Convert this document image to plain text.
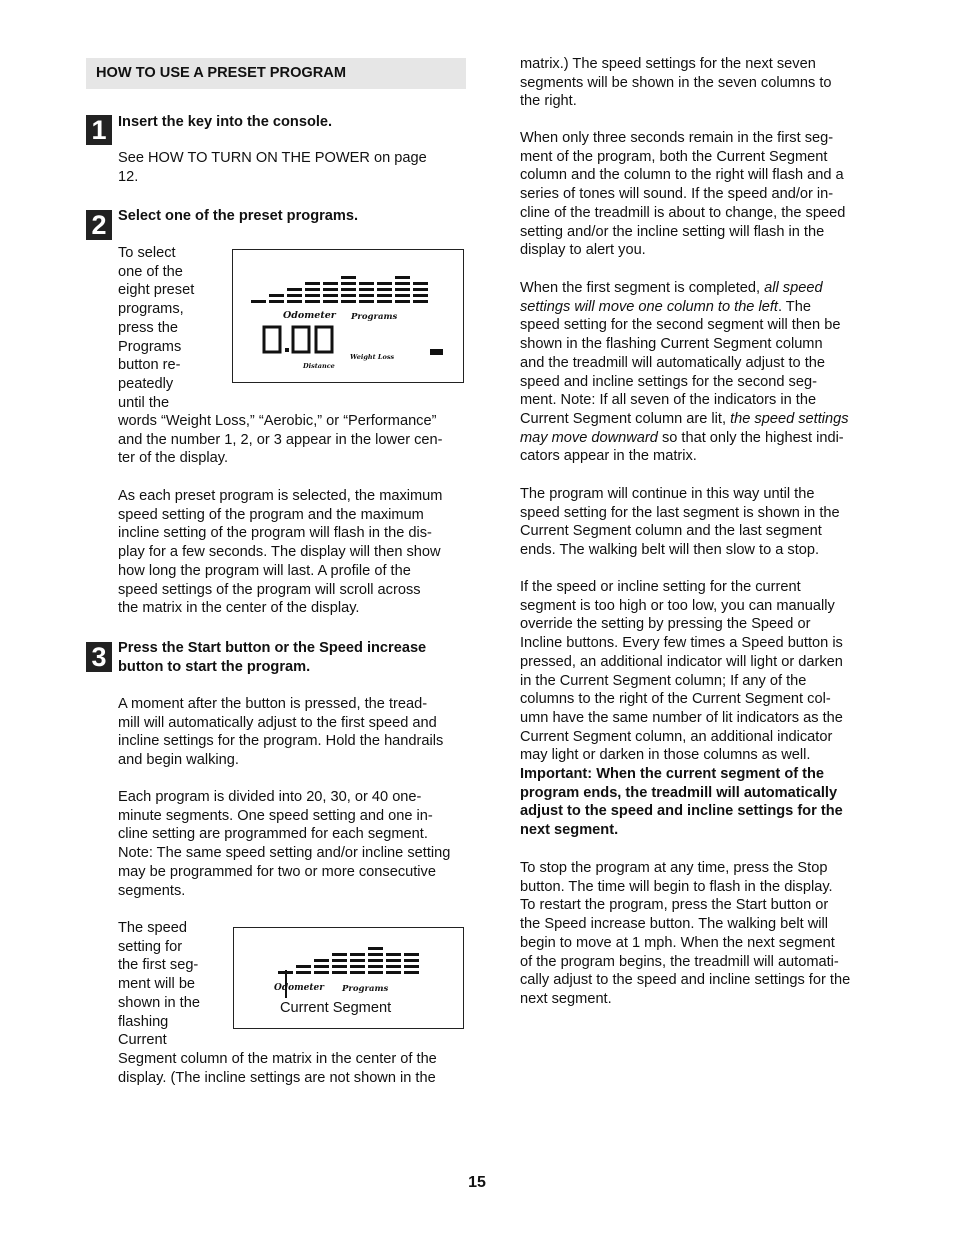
HOW TO USE A PRESET PROGRAM
1 Insert the key into the console.

See HOW TO TURN ON THE POWER on page

12.

2 Select one of the preset programs.

To select

one of the

eight preset

programs,

press the

Programs

button re-

peatedly

until the

Odometer Programs
Distance
Weight Loss

words “Weight Loss,” “Aerobic,” or “Performance”

and the number 1, 2, or 3 appear in the lower cen-

ter of the display.

As each preset program is selected, the maximum

speed setting of the program and the maximum

incline setting of the program will flash in the dis-

play for a few seconds. The display will then show

how long the program will last. A profile of the

speed settings of the program will scroll across

the matrix in the center of the display.

3 Press the Start button or the Speed increase

button to start the program.

A moment after the button is pressed, the tread-

mill will automatically adjust to the first speed and

incline settings for the program. Hold the handrails

and begin walking.

Each program is divided into 20, 30, or 40 one-

minute segments. One speed setting and one in-

cline setting are programmed for each segment.

Note: The same speed setting and/or incline setting

may be programmed for two or more consecutive

segments.

The speed

setting for

the first seg-

ment will be

shown in the

flashing

Current

Odometer Programs
Current Segment

Segment column of the matrix in the center of the

display. (The incline settings are not shown in the

matrix.) The speed settings for the next seven

segments will be shown in the seven columns to

the right.

When only three seconds remain in the first seg-

ment of the program, both the Current Segment

column and the column to the right will flash and a

series of tones will sound. If the speed and/or in-

cline of the treadmill is about to change, the speed

setting and/or the incline setting will flash in the

display to alert you.

When the first segment is completed, all speed

settings will move one column to the left. The

speed setting for the second segment will then be

shown in the flashing Current Segment column

and the treadmill will automatically adjust to the

speed and incline settings for the second seg-

ment. Note: If all seven of the indicators in the

Current Segment column are lit, the speed settings

may move downward so that only the highest indi-

cators appear in the matrix.

The program will continue in this way until the

speed setting for the last segment is shown in the

Current Segment column and the last segment

ends. The walking belt will then slow to a stop.

If the speed or incline setting for the current

segment is too high or too low, you can manually

override the setting by pressing the Speed or

Incline buttons. Every few times a Speed button is

pressed, an additional indicator will light or darken

in the Current Segment column; If any of the

columns to the right of the Current Segment col-

umn have the same number of lit indicators as the

Current Segment column, an additional indicator

may light or darken in those columns as well.

Important: When the current segment of the

program ends, the treadmill will automatically

adjust to the speed and incline settings for the

next segment.

To stop the program at any time, press the Stop

button. The time will begin to flash in the display.

To restart the program, press the Start button or

the Speed increase button. The walking belt will

begin to move at 1 mph. When the next segment

of the program begins, the treadmill will automati-

cally adjust to the speed and incline settings for the

next segment.

15
